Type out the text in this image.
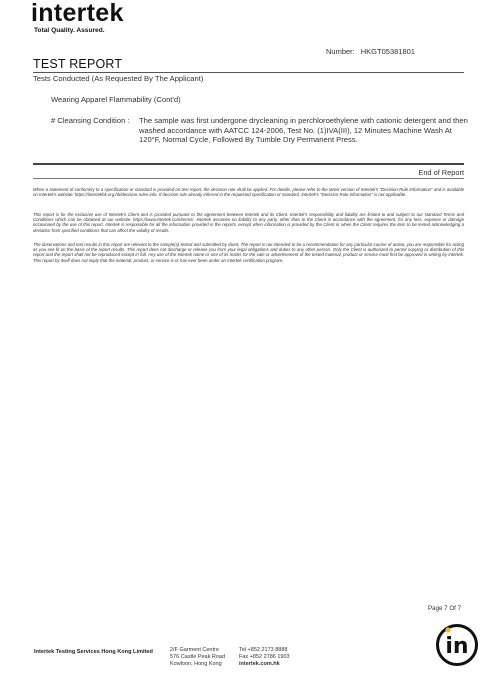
intertek
Total Quality. Assured.
Number: HKGT05381801
TEST REPORT
Tests Conducted (As Requested By The Applicant)
Wearing Apparel Flammability (Cont'd)
# Cleansing Condition : The sample was first undergone drycleaning in perchloroethylene with cationic detergent and then washed accordance with AATCC 124-2006, Test No. (1)IVA(III), 12 Minutes Machine Wash At 120°F, Normal Cycle, Followed By Tumble Dry Permanent Press.
End of Report
When a statement of conformity to a specification or standard is provided on test report, the decision rule shall be applied. For details, please refer to the latest version of Intertek's "Decision Rule Information" and is available on Intertek's website: https://intertekhk.org.hk/decision-rules-info. If decision rule already inferred in the requested specification or standard, Intertek's "Decision Rule Information" is not applicable.
This report is for the exclusive use of Intertek's Client and is provided pursuant to the agreement between Intertek and its Client. Intertek's responsibility and liability are limited to and subject to our standard Terms and Conditions which can be obtained at our website: https://www.intertek.com/terms/. Intertek assumes no liability to any party, other than to the Client in accordance with the agreement, for any loss, expense or damage occasioned by the use of this report. Intertek is responsible for all the information provided in the reports, except when information is provided by the Client or when the Client requires the item to be tested acknowledging a deviation from specified conditions that can affect the validity of results.
The observations and test results in this report are relevant to the sample(s) tested and submitted by client. The report is not intended to be a recommendation for any particular course of action, you are responsible for acting as you see fit on the basis of the report results. This report does not discharge or release you from your legal obligations and duties to any other person. Only the Client is authorized to permit copying or distribution of this report and the report shall not be reproduced except in full. Any use of the Intertek name or one of its marks for the sale or advertisement of the tested material, product or service must first be approved in writing by Intertek. This report by itself does not imply that the material, product, or service is or has ever been under an Intertek certification program.
Page 7 Of 7
Intertek Testing Services Hong Kong Limited	2/F Garment Centre
576 Castle Peak Road
Kowloon, Hong Kong
Tel +852 2173 8888
Fax +852 2786 1903
intertek.com.hk
in
